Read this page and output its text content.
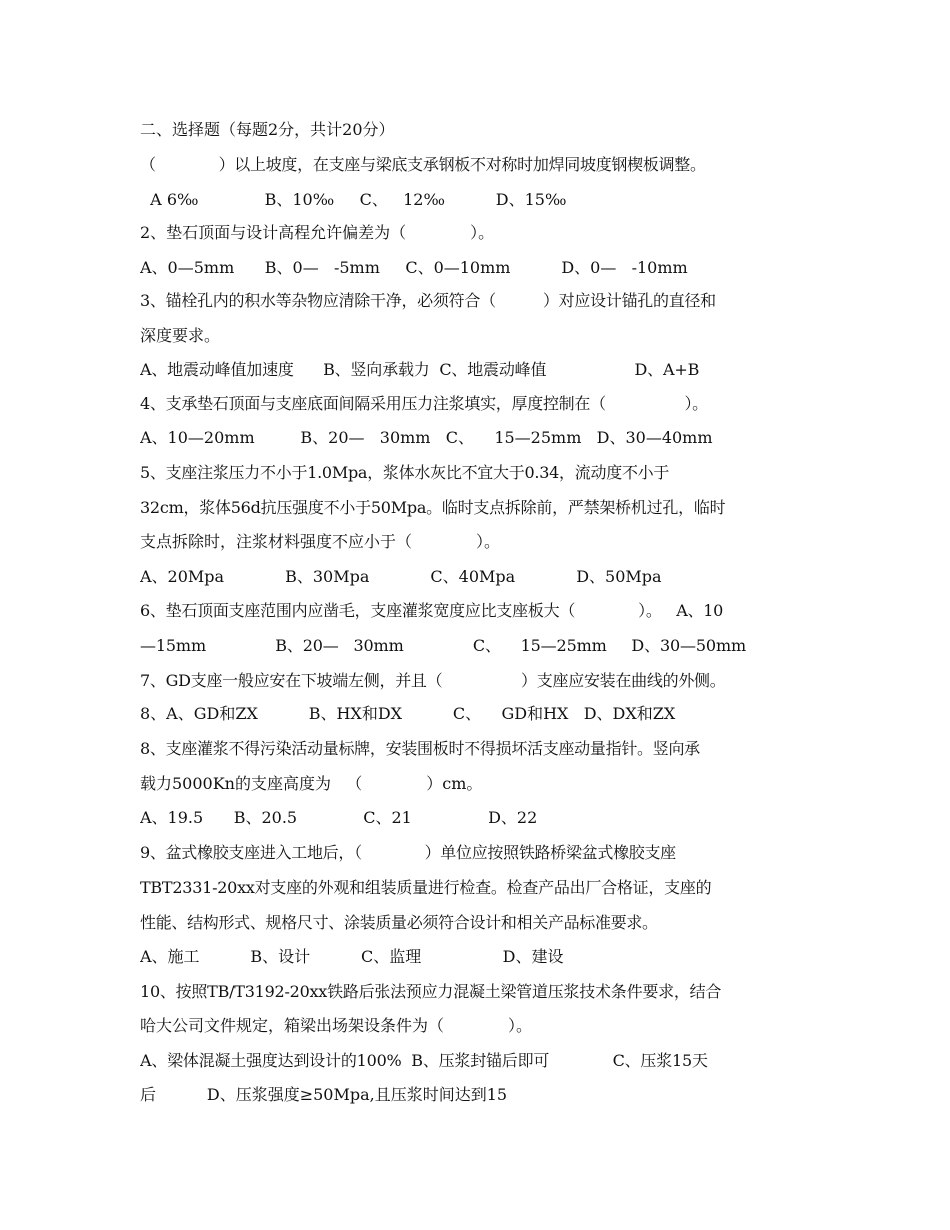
二、选择题（每题2分，共计20分）
（　　　　）以上坡度，在支座与梁底支承钢板不对称时加焊同坡度钢楔板调整。
A 6‰             B、10‰     C、   12‰          D、15‰
2、垫石顶面与设计高程允许偏差为（　　　　）。
A、0—5mm      B、0—   -5mm     C、0—10mm          D、0—   -10mm
3、锚栓孔内的积水等杂物应清除干净，必须符合（　　　）对应设计锚孔的直径和
深度要求。
A、地震动峰值加速度      B、竖向承载力  C、地震动峰值                  D、A+B
4、支承垫石顶面与支座底面间隔采用压力注浆填实，厚度控制在（　　　　　）。
A、10—20mm         B、20—   30mm   C、    15—25mm   D、30—40mm
5、支座注浆压力不小于1.0Mpa，浆体水灰比不宜大于0.34，流动度不小于
32cm，浆体56d抗压强度不小于50Mpa。临时支点拆除前，严禁架桥机过孔，临时
支点拆除时，注浆材料强度不应小于（　　　　）。
A、20Mpa            B、30Mpa            C、40Mpa            D、50Mpa
6、垫石顶面支座范围内应凿毛，支座灌浆宽度应比支座板大（　　　　）。   A、10
—15mm              B、20—   30mm              C、    15—25mm     D、30—50mm
7、GD支座一般应安在下坡端左侧，并且（　　　　　）支座应安装在曲线的外侧。
8、A、GD和ZX          B、HX和DX          C、    GD和HX   D、DX和ZX
8、支座灌浆不得污染活动量标牌，安装围板时不得损坏活支座动量指针。竖向承
载力5000Kn的支座高度为   （　　　　）cm。
A、19.5      B、20.5             C、21               D、22
9、盆式橡胶支座进入工地后，（　　　　）单位应按照铁路桥梁盆式橡胶支座
TBT2331-20xx对支座的外观和组装质量进行检查。检查产品出厂合格证，支座的
性能、结构形式、规格尺寸、涂装质量必须符合设计和相关产品标准要求。
A、施工          B、设计          C、监理                D、建设
10、按照TB/T3192-20xx铁路后张法预应力混凝土梁管道压浆技术条件要求，结合
哈大公司文件规定，箱梁出场架设条件为（　　　　）。
A、梁体混凝土强度达到设计的100%  B、压浆封锚后即可             C、压浆15天
后          D、压浆强度≥50Mpa,且压浆时间达到15
